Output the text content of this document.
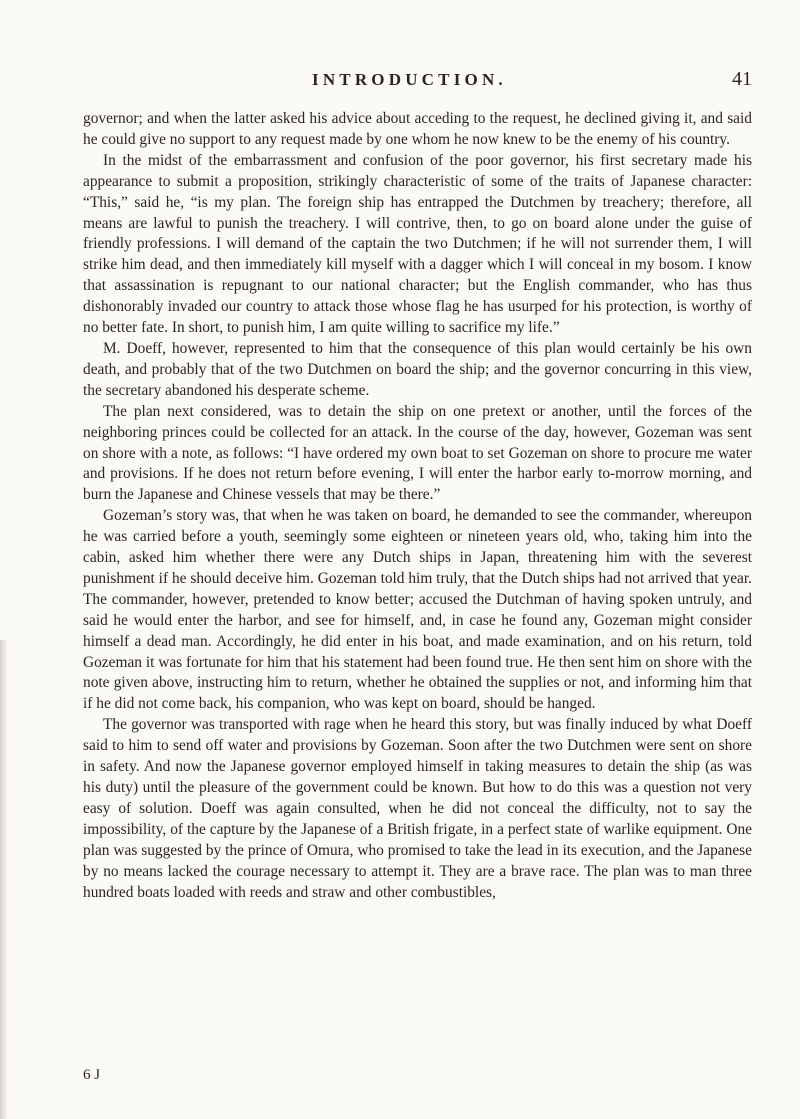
INTRODUCTION.	41

governor; and when the latter asked his advice about acceding to the request, he declined giving it, and said he could give no support to any request made by one whom he now knew to be the enemy of his country.

In the midst of the embarrassment and confusion of the poor governor, his first secretary made his appearance to submit a proposition, strikingly characteristic of some of the traits of Japanese character: “This,” said he, “is my plan. The foreign ship has entrapped the Dutchmen by treachery; therefore, all means are lawful to punish the treachery. I will contrive, then, to go on board alone under the guise of friendly professions. I will demand of the captain the two Dutchmen; if he will not surrender them, I will strike him dead, and then immediately kill myself with a dagger which I will conceal in my bosom. I know that assassination is repugnant to our national character; but the English commander, who has thus dishonorably invaded our country to attack those whose flag he has usurped for his protection, is worthy of no better fate. In short, to punish him, I am quite willing to sacrifice my life.”

M. Doeff, however, represented to him that the consequence of this plan would certainly be his own death, and probably that of the two Dutchmen on board the ship; and the governor concurring in this view, the secretary abandoned his desperate scheme.

The plan next considered, was to detain the ship on one pretext or another, until the forces of the neighboring princes could be collected for an attack. In the course of the day, however, Gozeman was sent on shore with a note, as follows: “I have ordered my own boat to set Gozeman on shore to procure me water and provisions. If he does not return before evening, I will enter the harbor early to-morrow morning, and burn the Japanese and Chinese vessels that may be there.”

Gozeman’s story was, that when he was taken on board, he demanded to see the commander, whereupon he was carried before a youth, seemingly some eighteen or nineteen years old, who, taking him into the cabin, asked him whether there were any Dutch ships in Japan, threatening him with the severest punishment if he should deceive him. Gozeman told him truly, that the Dutch ships had not arrived that year. The commander, however, pretended to know better; accused the Dutchman of having spoken untruly, and said he would enter the harbor, and see for himself, and, in case he found any, Gozeman might consider himself a dead man. Accordingly, he did enter in his boat, and made examination, and on his return, told Gozeman it was fortunate for him that his statement had been found true. He then sent him on shore with the note given above, instructing him to return, whether he obtained the supplies or not, and informing him that if he did not come back, his companion, who was kept on board, should be hanged.

The governor was transported with rage when he heard this story, but was finally induced by what Doeff said to him to send off water and provisions by Gozeman. Soon after the two Dutchmen were sent on shore in safety. And now the Japanese governor employed himself in taking measures to detain the ship (as was his duty) until the pleasure of the government could be known. But how to do this was a question not very easy of solution. Doeff was again consulted, when he did not conceal the difficulty, not to say the impossibility, of the capture by the Japanese of a British frigate, in a perfect state of warlike equipment. One plan was suggested by the prince of Omura, who promised to take the lead in its execution, and the Japanese by no means lacked the courage necessary to attempt it. They are a brave race. The plan was to man three hundred boats loaded with reeds and straw and other combustibles,

6 J
